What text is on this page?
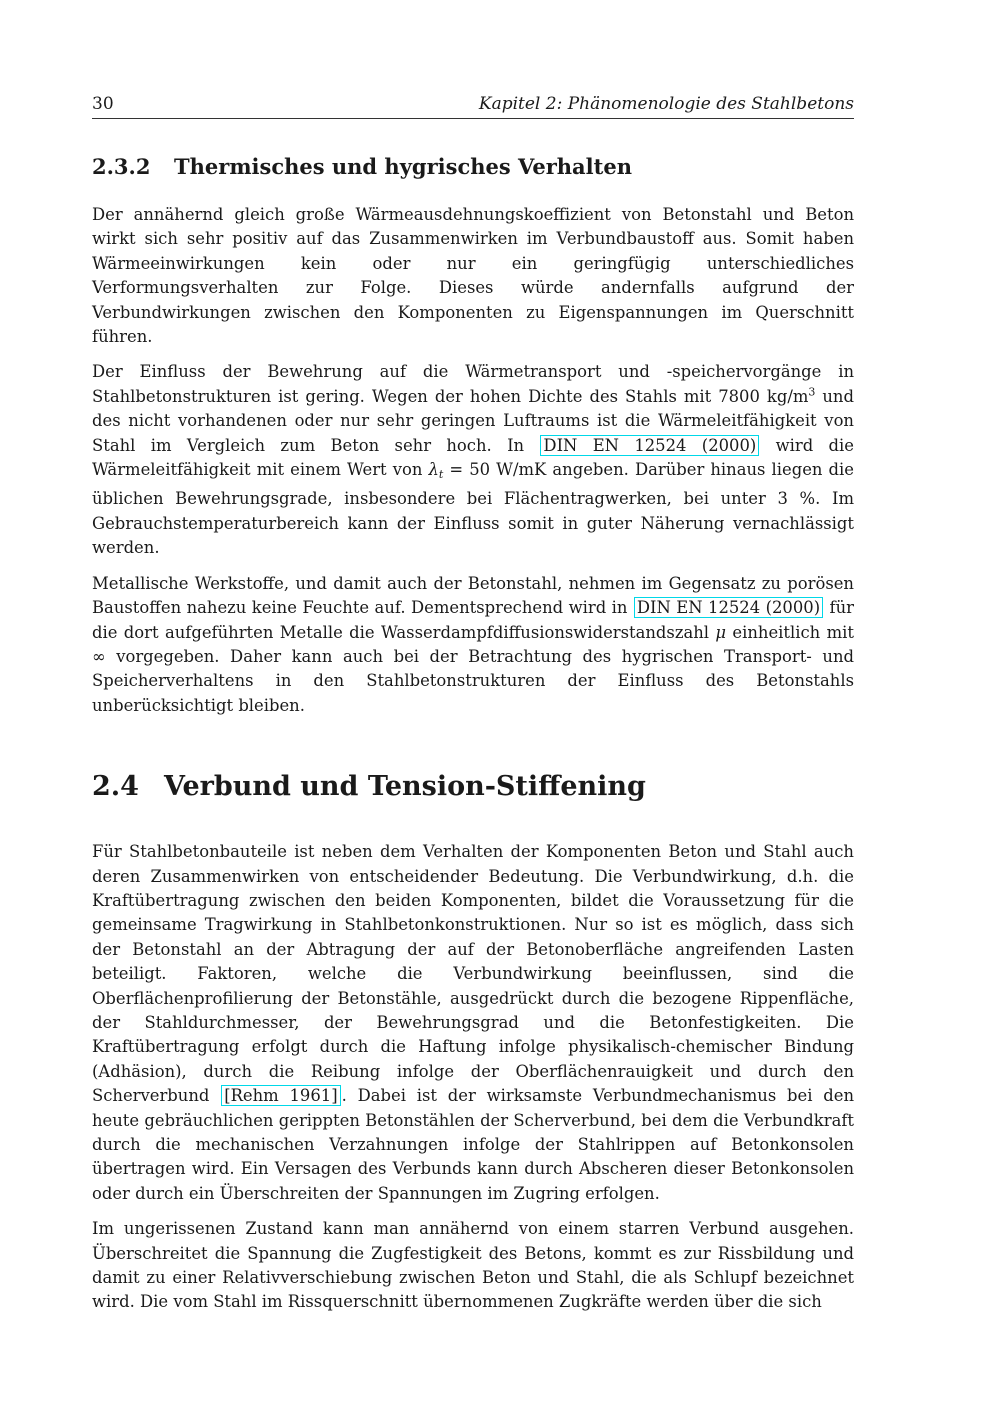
30	Kapitel 2: Phänomenologie des Stahlbetons
2.3.2	Thermisches und hygrisches Verhalten

Der annähernd gleich große Wärmeausdehnungskoeffizient von Betonstahl und Beton wirkt sich sehr positiv auf das Zusammenwirken im Verbundbaustoff aus. Somit haben Wärmeeinwirkungen kein oder nur ein geringfügig unterschiedliches Verformungsverhalten zur Folge. Dieses würde andernfalls aufgrund der Verbundwirkungen zwischen den Komponenten zu Eigenspannungen im Querschnitt führen.

Der Einfluss der Bewehrung auf die Wärmetransport und -speichervorgänge in Stahlbetonstrukturen ist gering. Wegen der hohen Dichte des Stahls mit 7800 $kg/m^3$ und des nicht vorhandenen oder nur sehr geringen Luftraums ist die Wärmeleitfähigkeit von Stahl im Vergleich zum Beton sehr hoch. In DIN EN 12524 (2000) wird die Wärmeleitfähigkeit mit einem Wert von $\lambda_t = 50$ W/mK angeben. Darüber hinaus liegen die üblichen Bewehrungsgrade, insbesondere bei Flächentragwerken, bei unter 3 %. Im Gebrauchstemperaturbereich kann der Einfluss somit in guter Näherung vernachlässigt werden.

Metallische Werkstoffe, und damit auch der Betonstahl, nehmen im Gegensatz zu porösen Baustoffen nahezu keine Feuchte auf. Dementsprechend wird in DIN EN 12524 (2000) für die dort aufgeführten Metalle die Wasserdampfdiffusionswiderstandszahl μ einheitlich mit ∞ vorgegeben. Daher kann auch bei der Betrachtung des hygrischen Transport- und Speicherverhaltens in den Stahlbetonstrukturen der Einfluss des Betonstahls unberücksichtigt bleiben.

2.4 Verbund und Tension-Stiffening

Für Stahlbetonbauteile ist neben dem Verhalten der Komponenten Beton und Stahl auch deren Zusammenwirken von entscheidender Bedeutung. Die Verbundwirkung, d.h. die Kraftübertragung zwischen den beiden Komponenten, bildet die Voraussetzung für die gemeinsame Tragwirkung in Stahlbetonkonstruktionen. Nur so ist es möglich, dass sich der Betonstahl an der Abtragung der auf der Betonoberfläche angreifenden Lasten beteiligt. Faktoren, welche die Verbundwirkung beeinflussen, sind die Oberflächenprofilierung der Betonstähle, ausgedrückt durch die bezogene Rippenfläche, der Stahldurchmesser, der Bewehrungsgrad und die Betonfestigkeiten. Die Kraftübertragung erfolgt durch die Haftung infolge physikalisch-chemischer Bindung (Adhäsion), durch die Reibung infolge der Oberflächenrauigkeit und durch den Scherverbund [Rehm 1961] . Dabei ist der wirksamste Verbundmechanismus bei den heute gebräuchlichen gerippten Betonstählen der Scherverbund, bei dem die Verbundkraft durch die mechanischen Verzahnungen infolge der Stahlrippen auf Betonkonsolen übertragen wird. Ein Versagen des Verbunds kann durch Abscheren dieser Betonkonsolen oder durch ein Überschreiten der Spannungen im Zugring erfolgen.

Im ungerissenen Zustand kann man annähernd von einem starren Verbund ausgehen. Überschreitet die Spannung die Zugfestigkeit des Betons, kommt es zur Rissbildung und damit zu einer Relativverschiebung zwischen Beton und Stahl, die als Schlupf bezeichnet wird. Die vom Stahl im Rissquerschnitt übernommenen Zugkräfte werden über die sich
